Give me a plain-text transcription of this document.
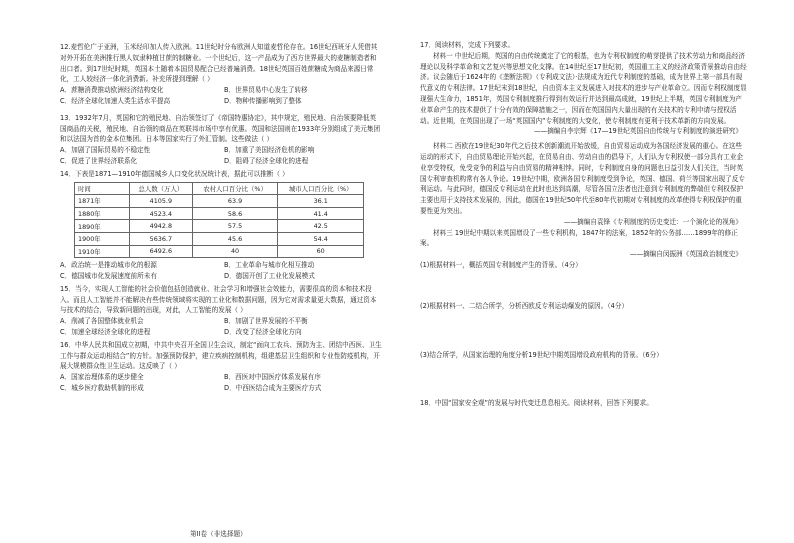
12.麦哲伦广于亚洲，玉米经印加人传入欧洲。11世纪时分布欧洲人知道麦哲伦存在。16世纪西班牙人凭借其对外开拓在美洲推行黑人奴隶种植甘蔗的制糖业。一个世纪后，这一产品成为了西方世界最大的麦糖制造者和出口者。到17世纪时期，英国本土随着本国贸易配合已经普遍消费。18世纪英国百姓蔗糖成为商品来源日常化，工人较经济一体化消费新。补充所提到理解（ ）

A．蔗糖消费推动欧洲经济结构变化	B．世界贸易中心发生了转移
C．经济全球化加速人类生活水平提高	D．物种传播影响到了整体

13．1932年7月，英国和它的殖民地、自治领签订了《帝国特惠协定》，其中规定，殖民地、自治领要降低英国商品的关税，殖民地、自治领的商品在英联邦市场中享有优惠。英国和法国则在1933年分别组成了美元集团和以法国为首的金本位集团。日本等国家实行了外汇管制。这些做法（ ）

A．加剧了国际贸易的不稳定性	B．加重了美国经济危机的影响
C．促进了世界经济联系化	D．阻碍了经济全球化的进程

14．下表是1871—1910年德国城乡人口变化状况统计表，据此可以推断（ ）

时间	总人数（万人）	农村人口百分比（%）	城市人口百分比（%）
1871年	4105.9	63.9	36.1
1880年	4523.4	58.6	41.4
1890年	4942.8	57.5	42.5
1900年	5636.7	45.6	54.4
1910年	6492.6	40	60
A．政治统一是推动城市化的根源	B．工业革命与城市化相互推动
C．德国城市化发展速度前所未有	D．德国开创了工业化发展模式

15．当今，实现人工智能的社会价值包括创造就业、社会学习和增强社会效能力，需要很高的资本和技术投入。而且人工智能并不能解决有些传统领域将实现的工业化和数据问题，因为它对需求量更大数据，通过资本与技术的结合，导致新问题的出现，对此，人工智能的发展（ ）

A．削减了各国整体就业机会	B．加剧了世界发展的不平衡
C．加速全球经济全球化的进程	D．改变了经济全球化方向

16．中华人民共和国成立初期，中共中央召开全国卫生会议，制定“面向工农兵、预防为主、团结中西医、卫生工作与群众运动相结合”的方针。加强预防保护，建立疾病控制机构，组建基层卫生组织和专业性防疫机构，开展大规模群众性卫生运动。这反映了（ ）

A．国家治理体系的逐步健全	B．西医对中国医疗体系发展有序
C．城乡医疗救助机制的形成	D．中西医结合成为主要医疗方式
第II卷（非选择题）

17．阅读材料，完成下列要求。

材料一 中世纪后期，英国的自由传统奠定了它的根基，也为专利权制度的萌芽提供了技术劳动力和商品经济理论以及科学革命和文艺复兴等思想文化支撑。在14世纪至17世纪初，英国重工主义的经济政策背景推动自由经济。议会随后于1624年的《垄断法规》（专利成文法）·法规成为近代专利制度的基础，成为世界上第一部具有现代意义的专利法律。17世纪末到18世纪，自由资本主义发展进入对技术的进步与产业革命立。因而专利权制度显现强大生命力，1851年，英国专利制度推行得到有效运行并达到最高成就，19世纪上半期，英国专利制度为产业革命产生的技术提供了十分有效的保障措施之一，因而在英国国内大量出现的有关技术的专利申请与授权活动。近世期，在英国出现了一场“英国国内”专利制度的大变化，使专利制度有更利于技术革新的方向发展。

——摘编自李宗辉《17—19世纪英国自由传统与专利制度的演进研究》

材料二 西欧在19世纪30年代之后技术创新潮流开始放缓，自由贸易运动成为各国经济发展的重心。在这些运动的形式下，自由贸易理论开始兴起，在贸易自由、劳动自由的倡导下，人们认为专利权使一部分具有工业企业享受特权，免受竞争的利益与自由贸易的精神相悖。同时，专利制度自身的问题也日益引发人们关注，当时英国专利审查机构常有各人争论。19世纪中期，欧洲各国专利制度受到争论，英国、德国、荷兰等国家出现了反专利运动。与此同时，德国反专利运动在此时也达到高潮，尽管各国立法者也注意到专利制度的弊端但专利权保护主要也用于支持技术发展的，因此，德国在19世纪50年代至80年代初期对专利制度的改革使得专利权保护的重要性更为突出。

——摘编自袁锋《专利制度的历史变迁：一个演化论的视角》

材料三 19世纪中期以来英国增设了一些专利机构，1847年的法案，1852年的公务部……1899年的修正案。

——摘编自闵振洲《英国政治制度史》

(1)根据材料一，概括英国专利制度产生的背景。（4分）

(2)根据材料一、二结合所学，分析西欧反专利运动爆发的原因。（4分）

(3)结合所学，从国家治理的角度分析19世纪中期英国增设政府机构的背景。（6分）

18．中国“国家安全观”的发展与时代变迁息息相关。阅读材料，回答下列要求。
